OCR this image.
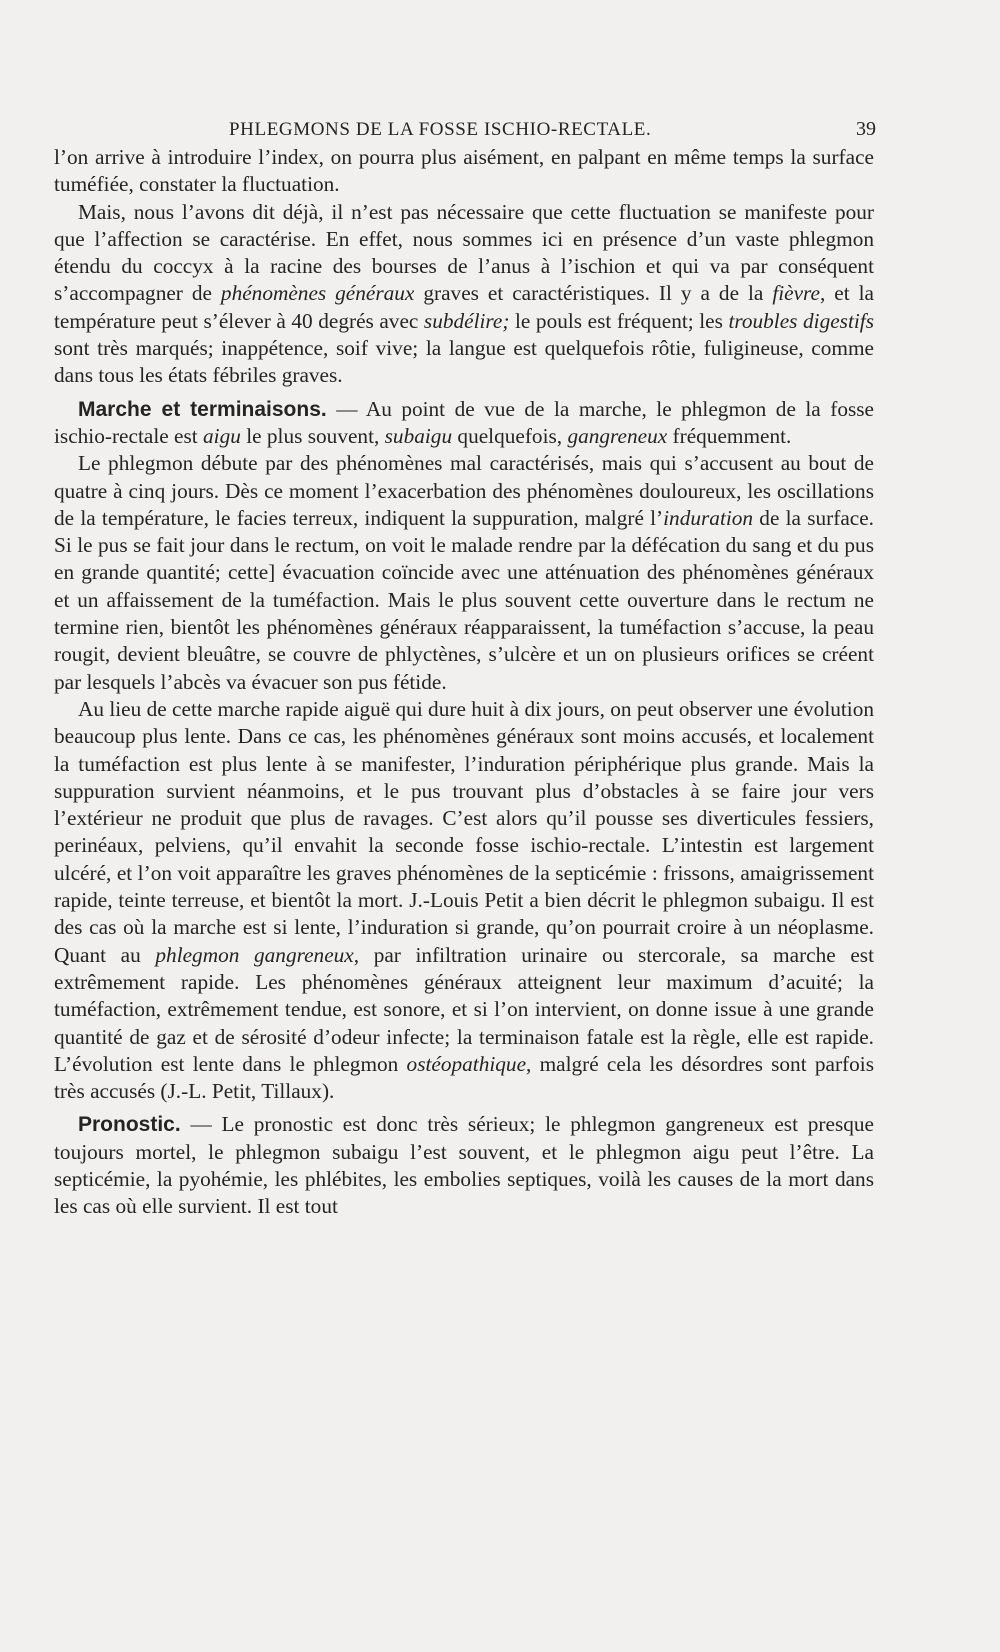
PHLEGMONS DE LA FOSSE ISCHIO-RECTALE.	39

l’on arrive à introduire l’index, on pourra plus aisément, en palpant en même temps la surface tuméfiée, constater la fluctuation.

Mais, nous l’avons dit déjà, il n’est pas nécessaire que cette fluctuation se manifeste pour que l’affection se caractérise. En effet, nous sommes ici en présence d’un vaste phlegmon étendu du coccyx à la racine des bourses de l’anus à l’ischion et qui va par conséquent s’accompagner de phénomènes généraux graves et caractéristiques. Il y a de la fièvre, et la température peut s’élever à 40 degrés avec subdélire; le pouls est fréquent; les troubles digestifs sont très marqués; inappétence, soif vive; la langue est quelquefois rôtie, fuligineuse, comme dans tous les états fébriles graves.

Marche et terminaisons. — Au point de vue de la marche, le phlegmon de la fosse ischio-rectale est aigu le plus souvent, subaigu quelquefois, gangreneux fréquemment.

Le phlegmon débute par des phénomènes mal caractérisés, mais qui s’accusent au bout de quatre à cinq jours. Dès ce moment l’exacerbation des phénomènes douloureux, les oscillations de la température, le facies terreux, indiquent la suppuration, malgré l’induration de la surface. Si le pus se fait jour dans le rectum, on voit le malade rendre par la défécation du sang et du pus en grande quantité; cette] évacuation coïncide avec une atténuation des phénomènes généraux et un affaissement de la tuméfaction. Mais le plus souvent cette ouverture dans le rectum ne termine rien, bientôt les phénomènes généraux réapparaissent, la tuméfaction s’accuse, la peau rougit, devient bleuâtre, se couvre de phlyctènes, s’ulcère et un on plusieurs orifices se créent par lesquels l’abcès va évacuer son pus fétide.

Au lieu de cette marche rapide aiguë qui dure huit à dix jours, on peut observer une évolution beaucoup plus lente. Dans ce cas, les phénomènes généraux sont moins accusés, et localement la tuméfaction est plus lente à se manifester, l’induration périphérique plus grande. Mais la suppuration survient néanmoins, et le pus trouvant plus d’obstacles à se faire jour vers l’extérieur ne produit que plus de ravages. C’est alors qu’il pousse ses diverticules fessiers, perinéaux, pelviens, qu’il envahit la seconde fosse ischio-rectale. L’intestin est largement ulcéré, et l’on voit apparaître les graves phénomènes de la septicémie : frissons, amaigrissement rapide, teinte terreuse, et bientôt la mort. J.-Louis Petit a bien décrit le phlegmon subaigu. Il est des cas où la marche est si lente, l’induration si grande, qu’on pourrait croire à un néoplasme. Quant au phlegmon gangreneux, par infiltration urinaire ou stercorale, sa marche est extrêmement rapide. Les phénomènes généraux atteignent leur maximum d’acuité; la tuméfaction, extrêmement tendue, est sonore, et si l’on intervient, on donne issue à une grande quantité de gaz et de sérosité d’odeur infecte; la terminaison fatale est la règle, elle est rapide. L’évolution est lente dans le phlegmon ostéopathique, malgré cela les désordres sont parfois très accusés (J.-L. Petit, Tillaux).

Pronostic. — Le pronostic est donc très sérieux; le phlegmon gangreneux est presque toujours mortel, le phlegmon subaigu l’est souvent, et le phlegmon aigu peut l’être. La septicémie, la pyohémie, les phlébites, les embolies septiques, voilà les causes de la mort dans les cas où elle survient. Il est tout
